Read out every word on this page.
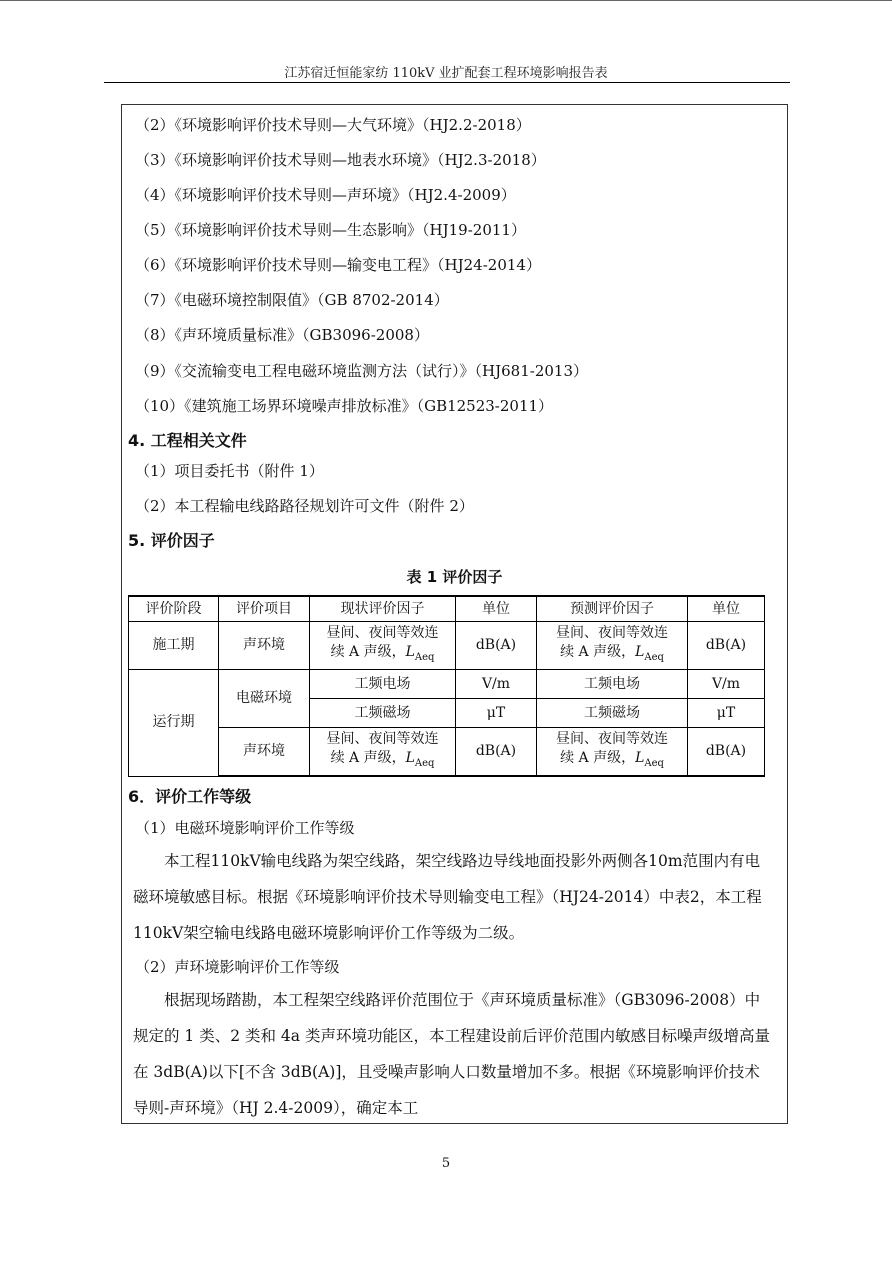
江苏宿迁恒能家纺 110kV 业扩配套工程环境影响报告表
（2）《环境影响评价技术导则—大气环境》（HJ2.2-2018）
（3）《环境影响评价技术导则—地表水环境》（HJ2.3-2018）
（4）《环境影响评价技术导则—声环境》（HJ2.4-2009）
（5）《环境影响评价技术导则—生态影响》（HJ19-2011）
（6）《环境影响评价技术导则—输变电工程》（HJ24-2014）
（7）《电磁环境控制限值》（GB 8702-2014）
（8）《声环境质量标准》（GB3096-2008）
（9）《交流输变电工程电磁环境监测方法（试行）》（HJ681-2013）
（10）《建筑施工场界环境噪声排放标准》（GB12523-2011）
4. 工程相关文件
（1）项目委托书（附件 1）
（2）本工程输电线路路径规划许可文件（附件 2）
5. 评价因子
表 1 评价因子
评价阶段	评价项目	现状评价因子	单位	预测评价因子	单位
施工期	声环境	昼间、夜间等效连
续 A 声级，$L_{Aeq}$	dB(A)	昼间、夜间等效连
续 A 声级，$L_{Aeq}$	dB(A)
运行期	电磁环境	工频电场	V/m	工频电场	V/m
		工频磁场	μT	工频磁场	μT
	声环境	昼间、夜间等效连
续 A 声级，$L_{Aeq}$	dB(A)	昼间、夜间等效连
续 A 声级，$L_{Aeq}$	dB(A)
6．评价工作等级
（1）电磁环境影响评价工作等级
本工程110kV输电线路为架空线路，架空线路边导线地面投影外两侧各10m范围内有电磁环境敏感目标。根据《环境影响评价技术导则输变电工程》（HJ24-2014）中表2，本工程110kV架空输电线路电磁环境影响评价工作等级为二级。
（2）声环境影响评价工作等级
根据现场踏勘，本工程架空线路评价范围位于《声环境质量标准》（GB3096-2008）中规定的 1 类、2 类和 4a 类声环境功能区，本工程建设前后评价范围内敏感目标噪声级增高量在 3dB(A)以下[不含 3dB(A)]，且受噪声影响人口数量增加不多。根据《环境影响评价技术导则-声环境》（HJ 2.4-2009），确定本工
5
